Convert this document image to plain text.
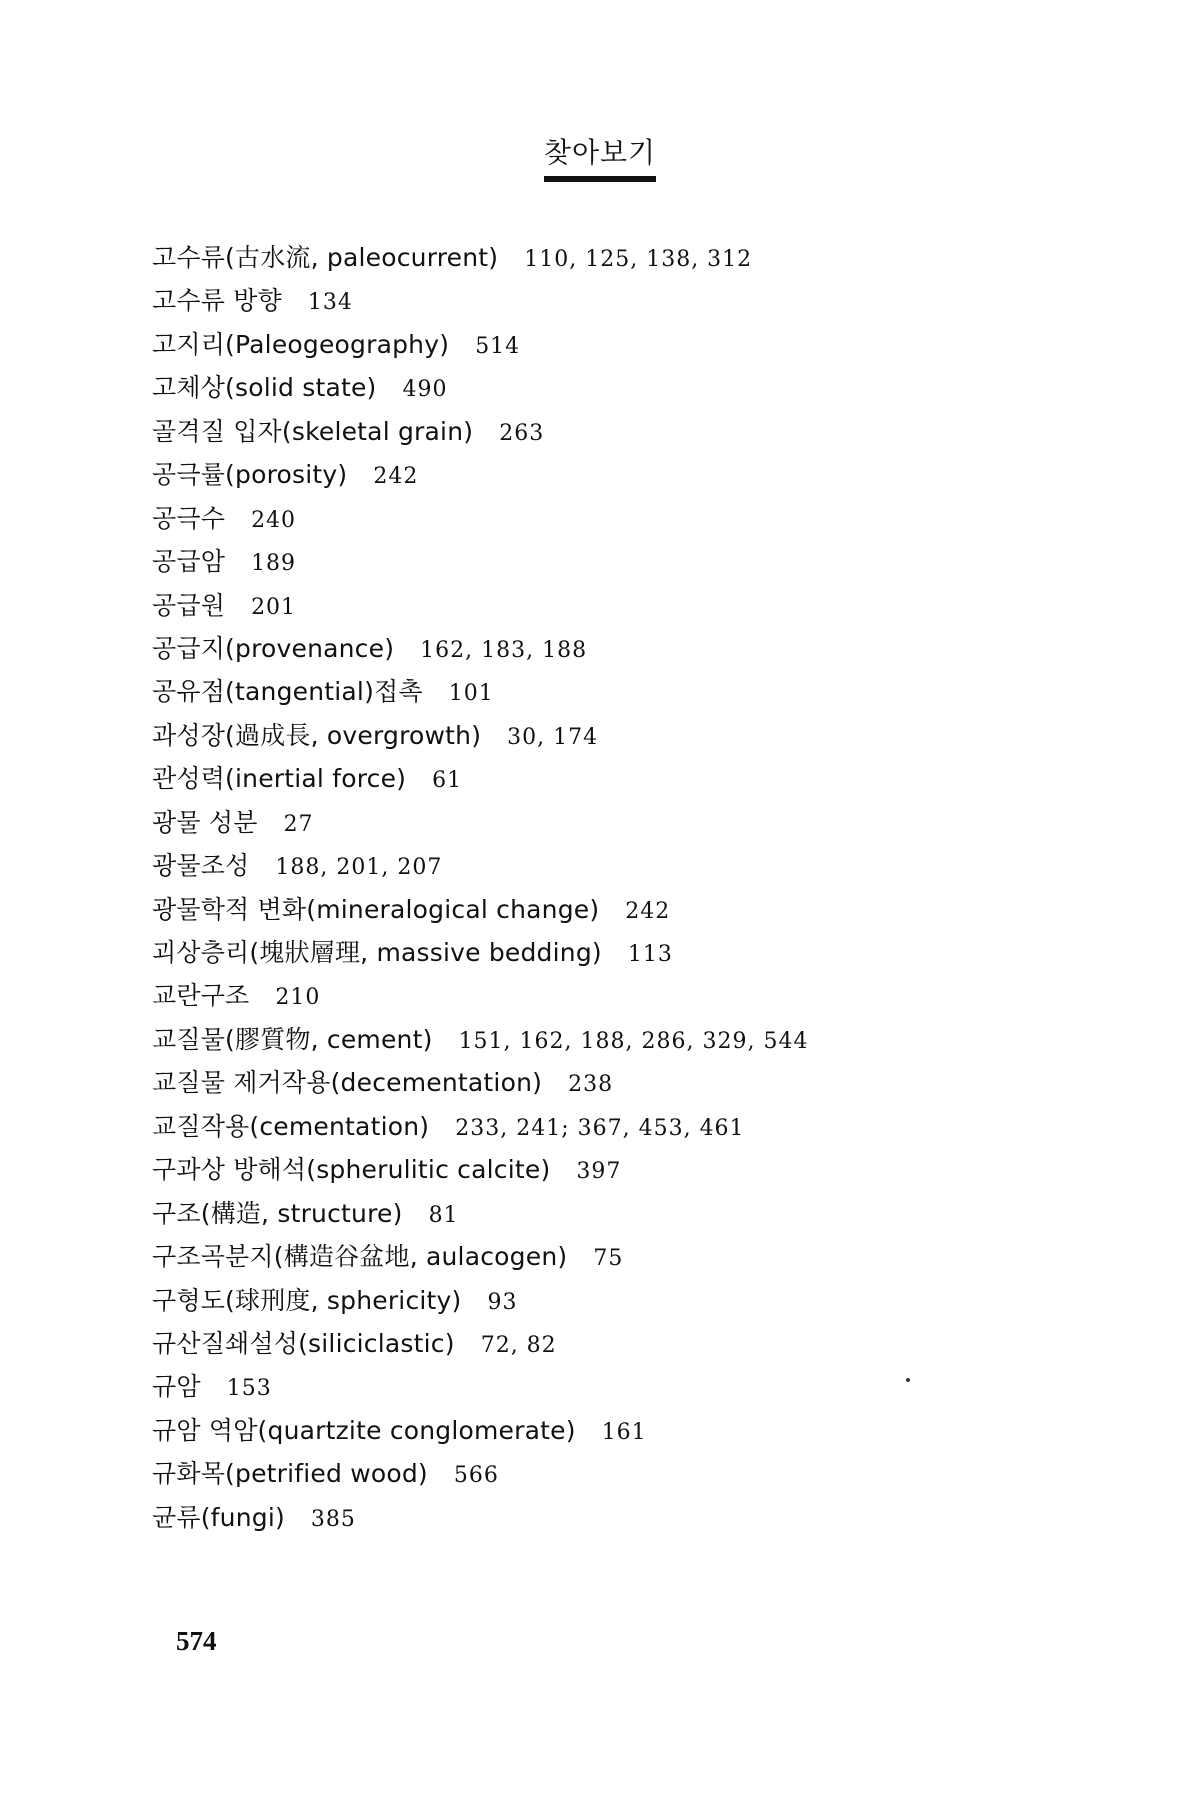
찾아보기
고수류(古水流, paleocurrent) 110, 125, 138, 312
고수류 방향 134
고지리(Paleogeography) 514
고체상(solid state) 490
골격질 입자(skeletal grain) 263
공극률(porosity) 242
공극수 240
공급암 189
공급원 201
공급지(provenance) 162, 183, 188
공유점(tangential)접촉 101
과성장(過成長, overgrowth) 30, 174
관성력(inertial force) 61
광물 성분 27
광물조성 188, 201, 207
광물학적 변화(mineralogical change) 242
괴상층리(塊狀層理, massive bedding) 113
교란구조 210
교질물(膠質物, cement) 151, 162, 188, 286, 329, 544
교질물 제거작용(decementation) 238
교질작용(cementation) 233, 241; 367, 453, 461
구과상 방해석(spherulitic calcite) 397
구조(構造, structure) 81
구조곡분지(構造谷盆地, aulacogen) 75
구형도(球刑度, sphericity) 93
규산질쇄설성(siliciclastic) 72, 82
규암 153
규암 역암(quartzite conglomerate) 161
규화목(petrified wood) 566
균류(fungi) 385
574
